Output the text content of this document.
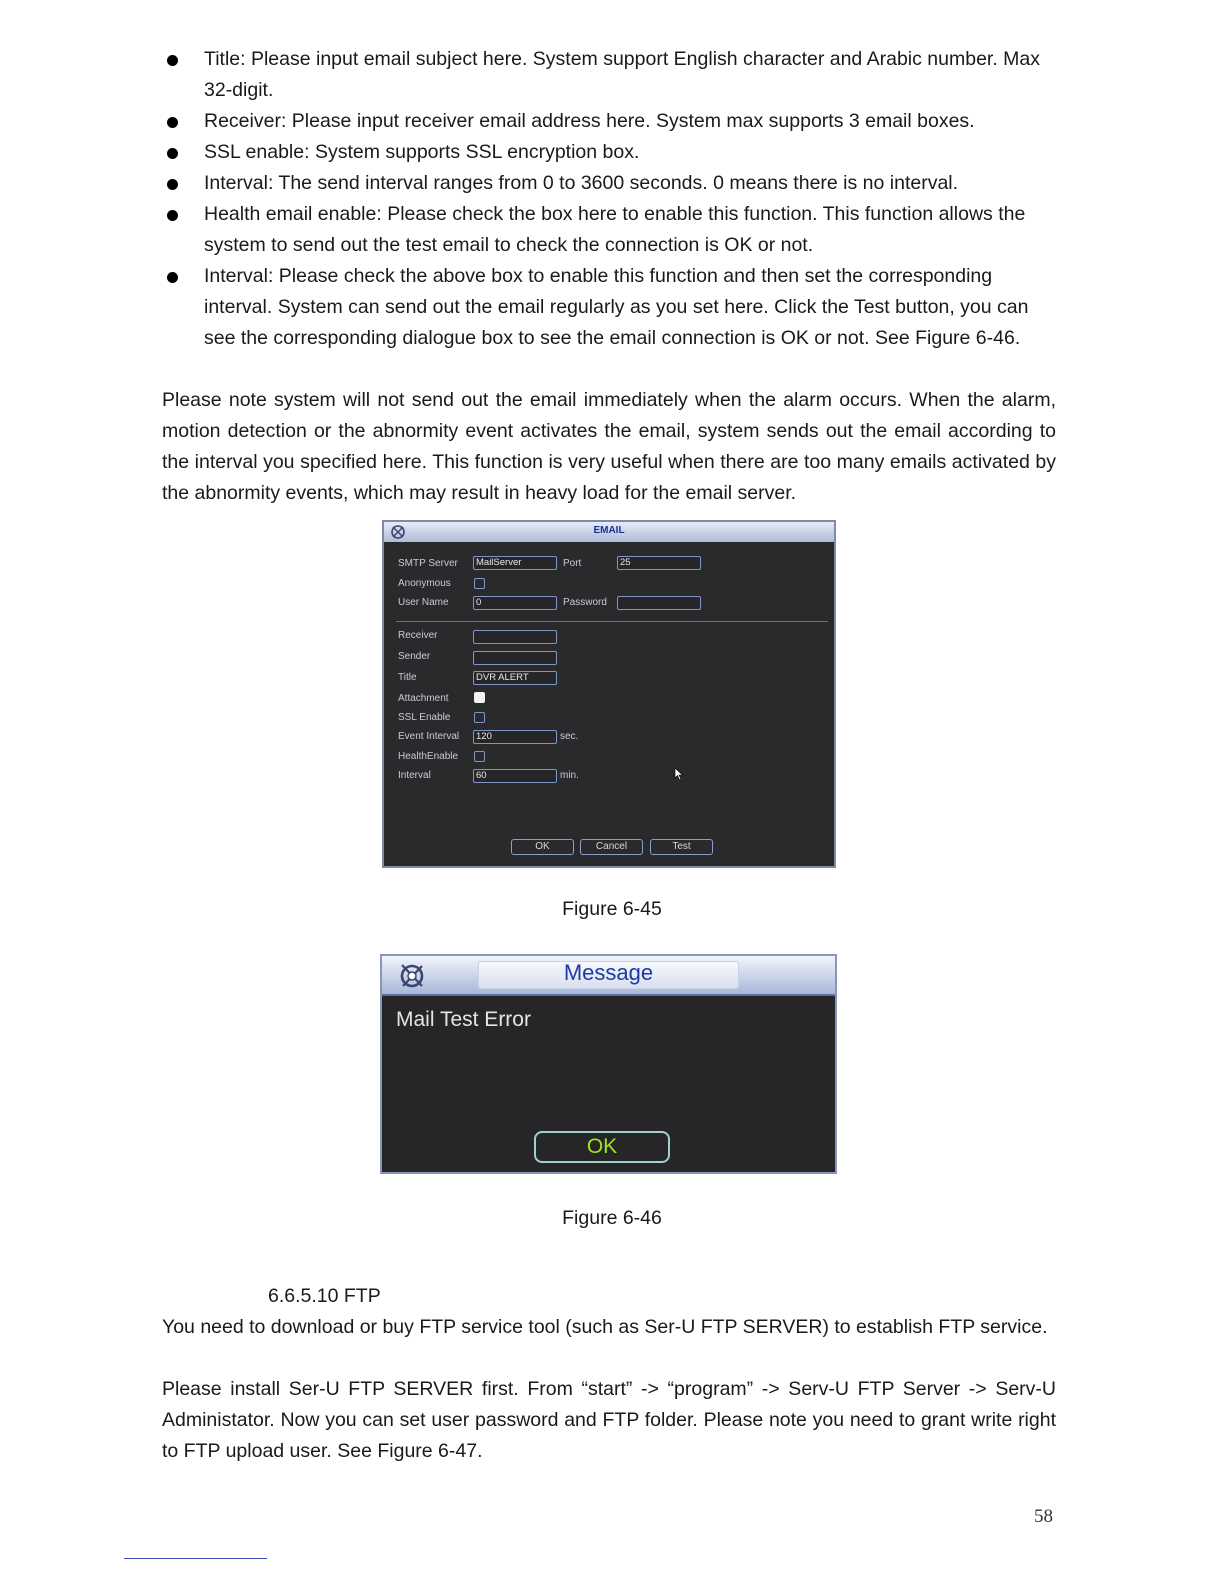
Title: Please input email subject here. System support English character and Arabic number. Max 32-digit.
Receiver: Please input receiver email address here. System max supports 3 email boxes.
SSL enable: System supports SSL encryption box.
Interval: The send interval ranges from 0 to 3600 seconds. 0 means there is no interval.
Health email enable: Please check the box here to enable this function. This function allows the system to send out the test email to check the connection is OK or not.
Interval: Please check the above box to enable this function and then set the corresponding interval. System can send out the email regularly as you set here. Click the Test button, you can see the corresponding dialogue box to see the email connection is OK or not. See Figure 6-46.
Please note system will not send out the email immediately when the alarm occurs. When the alarm, motion detection or the abnormity event activates the email, system sends out the email according to the interval you specified here. This function is very useful when there are too many emails activated by the abnormity events, which may result in heavy load for the email server.
EMAIL
SMTP Server	MailServer	Port	25
Anonymous
User Name	0	Password
Receiver
Sender
Title	DVR ALERT
Attachment
SSL Enable
Event Interval	120	sec.
HealthEnable
Interval	60	min.
OK	Cancel	Test
Figure 6-45
Message
Mail Test Error
OK
Figure 6-46
6.6.5.10 FTP
You need to download or buy FTP service tool (such as Ser-U FTP SERVER) to establish FTP service.
Please install Ser-U FTP SERVER first. From “start” -> “program” -> Serv-U FTP Server -> Serv-U Administator. Now you can set user password and FTP folder. Please note you need to grant write right to FTP upload user. See Figure 6-47.
58
